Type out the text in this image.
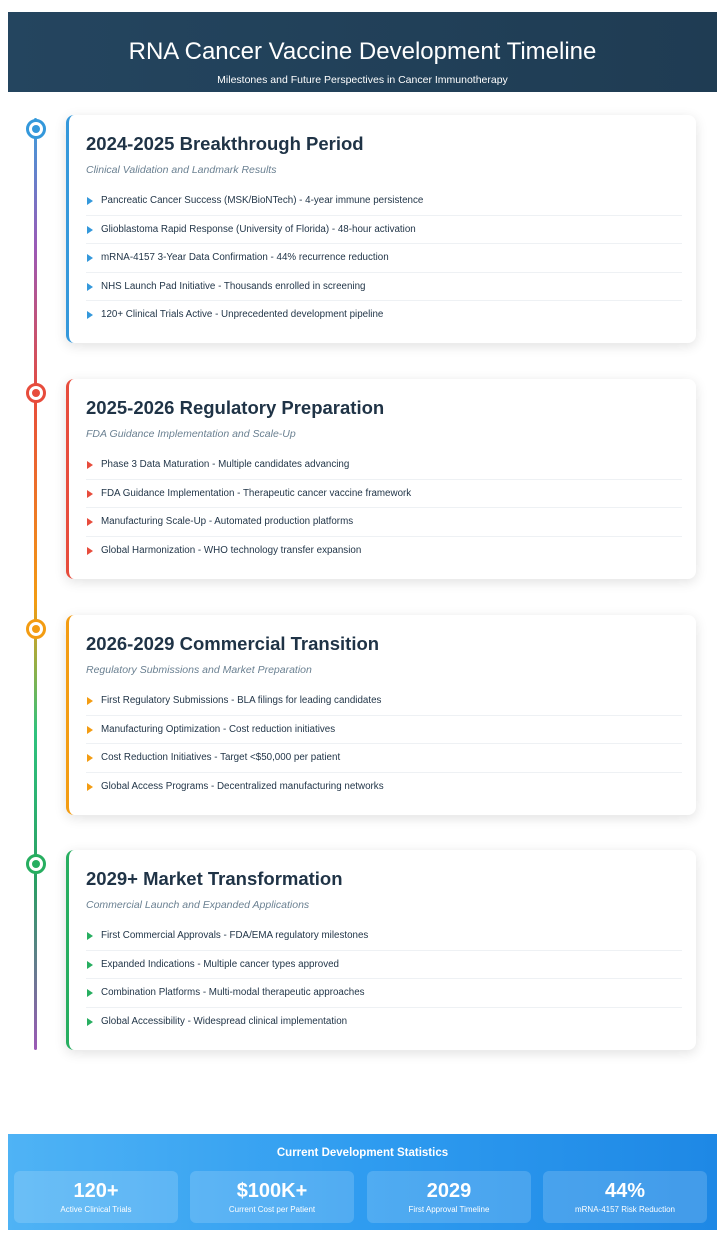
RNA Cancer Vaccine Development Timeline
Milestones and Future Perspectives in Cancer Immunotherapy
2024-2025 Breakthrough Period
Clinical Validation and Landmark Results
Pancreatic Cancer Success (MSK/BioNTech) - 4-year immune persistence
Glioblastoma Rapid Response (University of Florida) - 48-hour activation
mRNA-4157 3-Year Data Confirmation - 44% recurrence reduction
NHS Launch Pad Initiative - Thousands enrolled in screening
120+ Clinical Trials Active - Unprecedented development pipeline
2025-2026 Regulatory Preparation
FDA Guidance Implementation and Scale-Up
Phase 3 Data Maturation - Multiple candidates advancing
FDA Guidance Implementation - Therapeutic cancer vaccine framework
Manufacturing Scale-Up - Automated production platforms
Global Harmonization - WHO technology transfer expansion
2026-2029 Commercial Transition
Regulatory Submissions and Market Preparation
First Regulatory Submissions - BLA filings for leading candidates
Manufacturing Optimization - Cost reduction initiatives
Cost Reduction Initiatives - Target <$50,000 per patient
Global Access Programs - Decentralized manufacturing networks
2029+ Market Transformation
Commercial Launch and Expanded Applications
First Commercial Approvals - FDA/EMA regulatory milestones
Expanded Indications - Multiple cancer types approved
Combination Platforms - Multi-modal therapeutic approaches
Global Accessibility - Widespread clinical implementation
Current Development Statistics
120+
Active Clinical Trials
$100K+
Current Cost per Patient
2029
First Approval Timeline
44%
mRNA-4157 Risk Reduction
